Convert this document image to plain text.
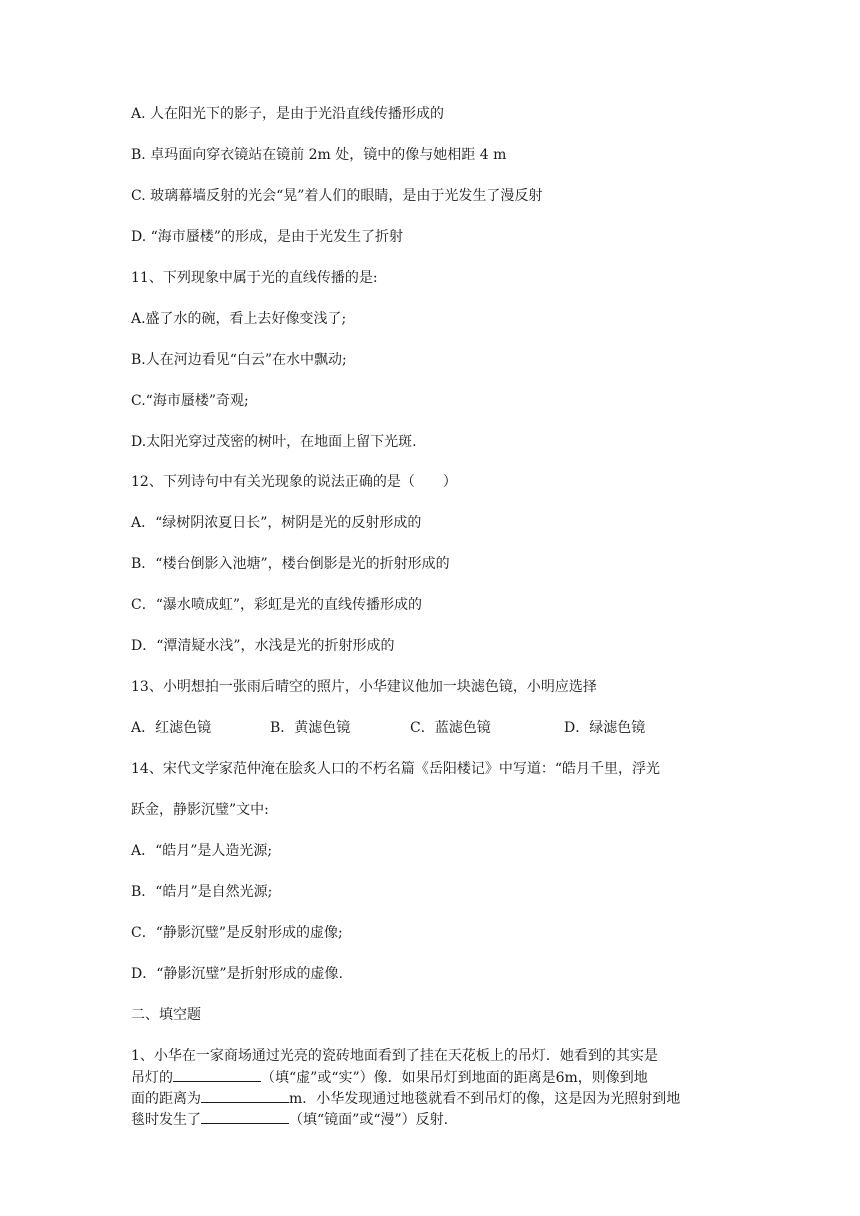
A. 人在阳光下的影子，是由于光沿直线传播形成的
B. 卓玛面向穿衣镜站在镜前 2m 处，镜中的像与她相距 4 m
C. 玻璃幕墙反射的光会“晃”着人们的眼睛，是由于光发生了漫反射
D. “海市蜃楼”的形成，是由于光发生了折射
11、下列现象中属于光的直线传播的是:
A.盛了水的碗，看上去好像变浅了;
B.人在河边看见“白云”在水中飘动;
C.“海市蜃楼”奇观;
D.太阳光穿过茂密的树叶，在地面上留下光斑.
12、下列诗句中有关光现象的说法正确的是（　　）
A．“绿树阴浓夏日长”，树阴是光的反射形成的
B．“楼台倒影入池塘”，楼台倒影是光的折射形成的
C．“瀑水喷成虹”，彩虹是光的直线传播形成的
D．“潭清疑水浅”，水浅是光的折射形成的
13、小明想拍一张雨后晴空的照片，小华建议他加一块滤色镜，小明应选择
A．红滤色镜	B．黄滤色镜	C．蓝滤色镜	D．绿滤色镜
14、宋代文学家范仲淹在脍炙人口的不朽名篇《岳阳楼记》中写道：“皓月千里，浮光
跃金，静影沉璧”文中:
A．“皓月”是人造光源;
B．“皓月”是自然光源;
C．“静影沉璧”是反射形成的虚像;
D．“静影沉璧”是折射形成的虚像.
二、填空题
1、小华在一家商场通过光亮的瓷砖地面看到了挂在天花板上的吊灯．她看到的其实是
吊灯的	（填“虚”或“实”）像．如果吊灯到地面的距离是6m，则像到地
面的距离为	m．小华发现通过地毯就看不到吊灯的像，这是因为光照射到地
毯时发生了	（填“镜面”或“漫”）反射.
